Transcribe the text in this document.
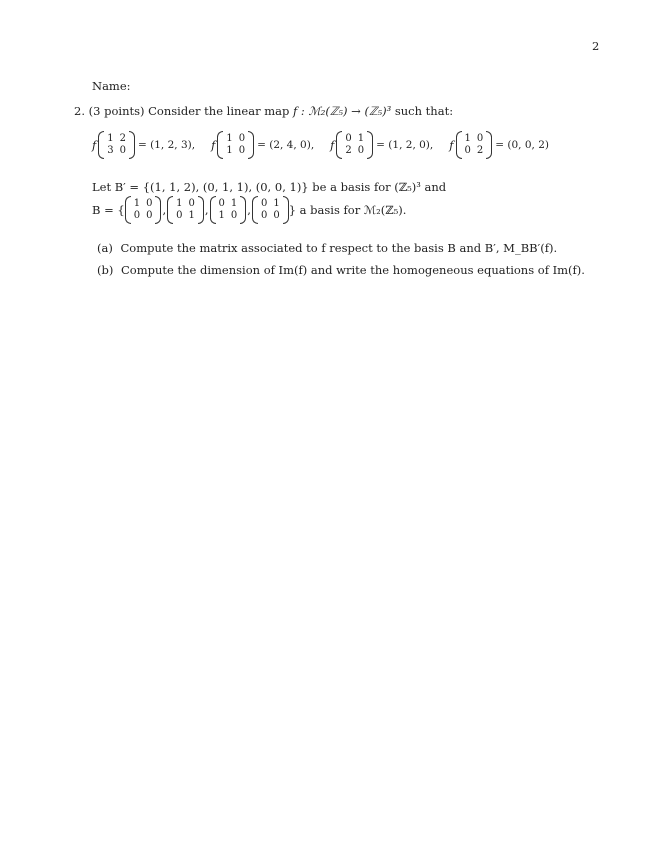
2
Name:
2. (3 points) Consider the linear map f : ℳ₂(ℤ₅) → (ℤ₅)³ such that:
f 1	2
3	0 = (1, 2, 3), f 1	0
1	0 = (2, 4, 0), f 0	1
2	0 = (1, 2, 0), f 1	0
0	2 = (0, 0, 2)
Let B′ = {(1, 1, 2), (0, 1, 1), (0, 0, 1)} be a basis for (ℤ₅)³ and
B = { 1	0
0	0 , 1	0
0	1 , 0	1
1	0 , 0	1
0	0 } a basis for ℳ₂(ℤ₅).
(a) Compute the matrix associated to f respect to the basis B and B′, M_BB′(f).
(b) Compute the dimension of Im(f) and write the homogeneous equations of Im(f).
